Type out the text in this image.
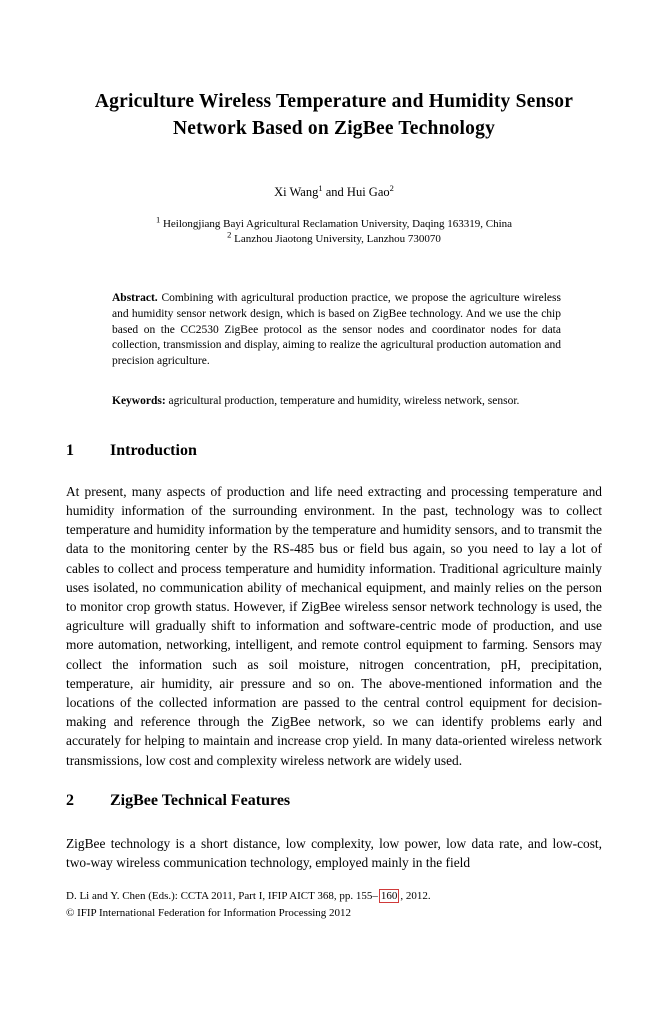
Agriculture Wireless Temperature and Humidity Sensor
Network Based on ZigBee Technology
Xi Wang$^1$ and Hui Gao$^2$
$^1$ Heilongjiang Bayi Agricultural Reclamation University, Daqing 163319, China
$^2$ Lanzhou Jiaotong University, Lanzhou 730070

Abstract. Combining with agricultural production practice, we propose the agriculture wireless and humidity sensor network design, which is based on ZigBee technology. And we use the chip based on the CC2530 ZigBee protocol as the sensor nodes and coordinator nodes for data collection, transmission and display, aiming to realize the agricultural production automation and precision agriculture.

Keywords: agricultural production, temperature and humidity, wireless network, sensor.

1	Introduction

At present, many aspects of production and life need extracting and processing temperature and humidity information of the surrounding environment. In the past, technology was to collect temperature and humidity information by the temperature and humidity sensors, and to transmit the data to the monitoring center by the RS-485 bus or field bus again, so you need to lay a lot of cables to collect and process temperature and humidity information. Traditional agriculture mainly uses isolated, no communication ability of mechanical equipment, and mainly relies on the person to monitor crop growth status. However, if ZigBee wireless sensor network technology is used, the agriculture will gradually shift to information and software-centric mode of production, and use more automation, networking, intelligent, and remote control equipment to farming. Sensors may collect the information such as soil moisture, nitrogen concentration, pH, precipitation, temperature, air humidity, air pressure and so on. The above-mentioned information and the locations of the collected information are passed to the central control equipment for decision-making and reference through the ZigBee network, so we can identify problems early and accurately for helping to maintain and increase crop yield. In many data-oriented wireless network transmissions, low cost and complexity wireless network are widely used.

2	ZigBee Technical Features

ZigBee technology is a short distance, low complexity, low power, low data rate, and low-cost, two-way wireless communication technology, employed mainly in the field

D. Li and Y. Chen (Eds.): CCTA 2011, Part I, IFIP AICT 368, pp. 155– 160 , 2012.
© IFIP International Federation for Information Processing 2012
